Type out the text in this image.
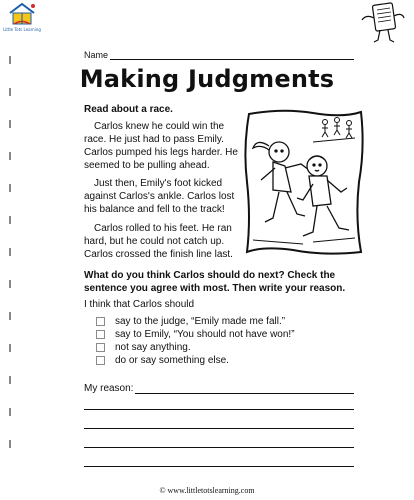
Little Tots Learning
Name
Making Judgments
Read about a race.
Carlos knew he could win the race. He just had to pass Emily. Carlos pumped his legs harder. He seemed to be pulling ahead.
Just then, Emily's foot kicked against Carlos's ankle. Carlos lost his balance and fell to the track!
Carlos rolled to his feet. He ran hard, but he could not catch up. Carlos crossed the finish line last.
What do you think Carlos should do next? Check the sentence you agree with most. Then write your reason.
I think that Carlos should
say to the judge, “Emily made me fall.”
say to Emily, “You should not have won!”
not say anything.
do or say something else.
My reason:
© www.littletotslearning.com
